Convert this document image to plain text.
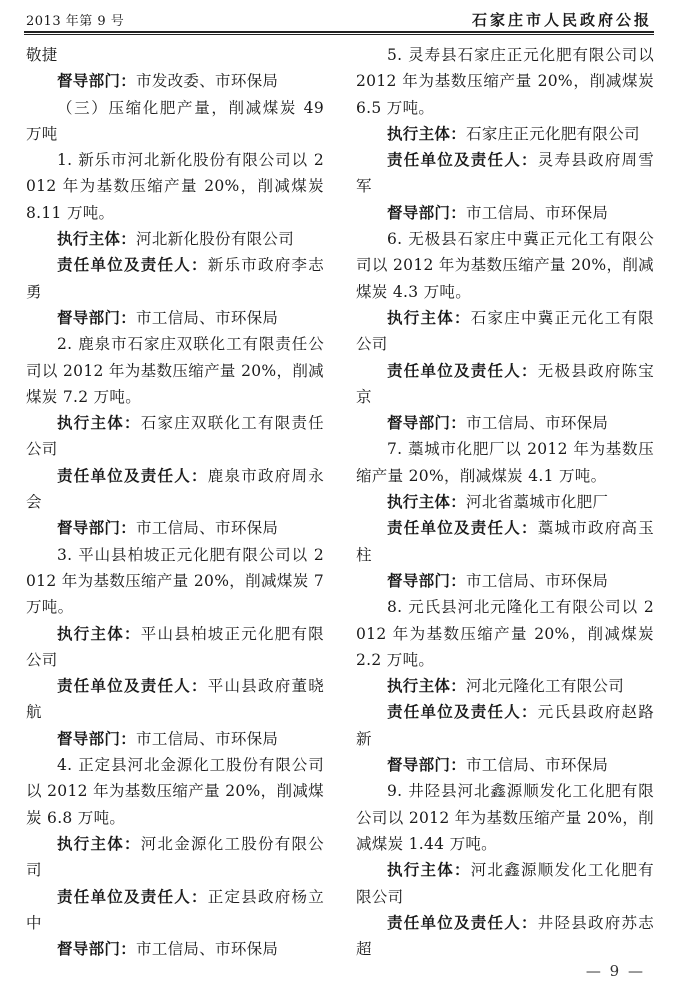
2013 年第 9 号	石家庄市人民政府公报

敬捷

督导部门：市发改委、市环保局

（三）压缩化肥产量，削减煤炭 49 万吨

1. 新乐市河北新化股份有限公司以 2012 年为基数压缩产量 20%，削减煤炭 8.11 万吨。

执行主体：河北新化股份有限公司

责任单位及责任人：新乐市政府李志勇

督导部门：市工信局、市环保局

2. 鹿泉市石家庄双联化工有限责任公司以 2012 年为基数压缩产量 20%，削减煤炭 7.2 万吨。

执行主体：石家庄双联化工有限责任公司

责任单位及责任人：鹿泉市政府周永会

督导部门：市工信局、市环保局

3. 平山县柏坡正元化肥有限公司以 2012 年为基数压缩产量 20%，削减煤炭 7 万吨。

执行主体：平山县柏坡正元化肥有限公司

责任单位及责任人：平山县政府董晓航

督导部门：市工信局、市环保局

4. 正定县河北金源化工股份有限公司以 2012 年为基数压缩产量 20%，削减煤炭 6.8 万吨。

执行主体：河北金源化工股份有限公司

责任单位及责任人：正定县政府杨立中

督导部门：市工信局、市环保局

5. 灵寿县石家庄正元化肥有限公司以 2012 年为基数压缩产量 20%，削减煤炭 6.5 万吨。

执行主体：石家庄正元化肥有限公司

责任单位及责任人：灵寿县政府周雪军

督导部门：市工信局、市环保局

6. 无极县石家庄中冀正元化工有限公司以 2012 年为基数压缩产量 20%，削减煤炭 4.3 万吨。

执行主体：石家庄中冀正元化工有限公司

责任单位及责任人：无极县政府陈宝京

督导部门：市工信局、市环保局

7. 藁城市化肥厂以 2012 年为基数压缩产量 20%，削减煤炭 4.1 万吨。

执行主体：河北省藁城市化肥厂

责任单位及责任人：藁城市政府高玉柱

督导部门：市工信局、市环保局

8. 元氏县河北元隆化工有限公司以 2012 年为基数压缩产量 20%，削减煤炭 2.2 万吨。

执行主体：河北元隆化工有限公司

责任单位及责任人：元氏县政府赵路新

督导部门：市工信局、市环保局

9. 井陉县河北鑫源顺发化工化肥有限公司以 2012 年为基数压缩产量 20%，削减煤炭 1.44 万吨。

执行主体：河北鑫源顺发化工化肥有限公司

责任单位及责任人：井陉县政府苏志超

— 9 —
